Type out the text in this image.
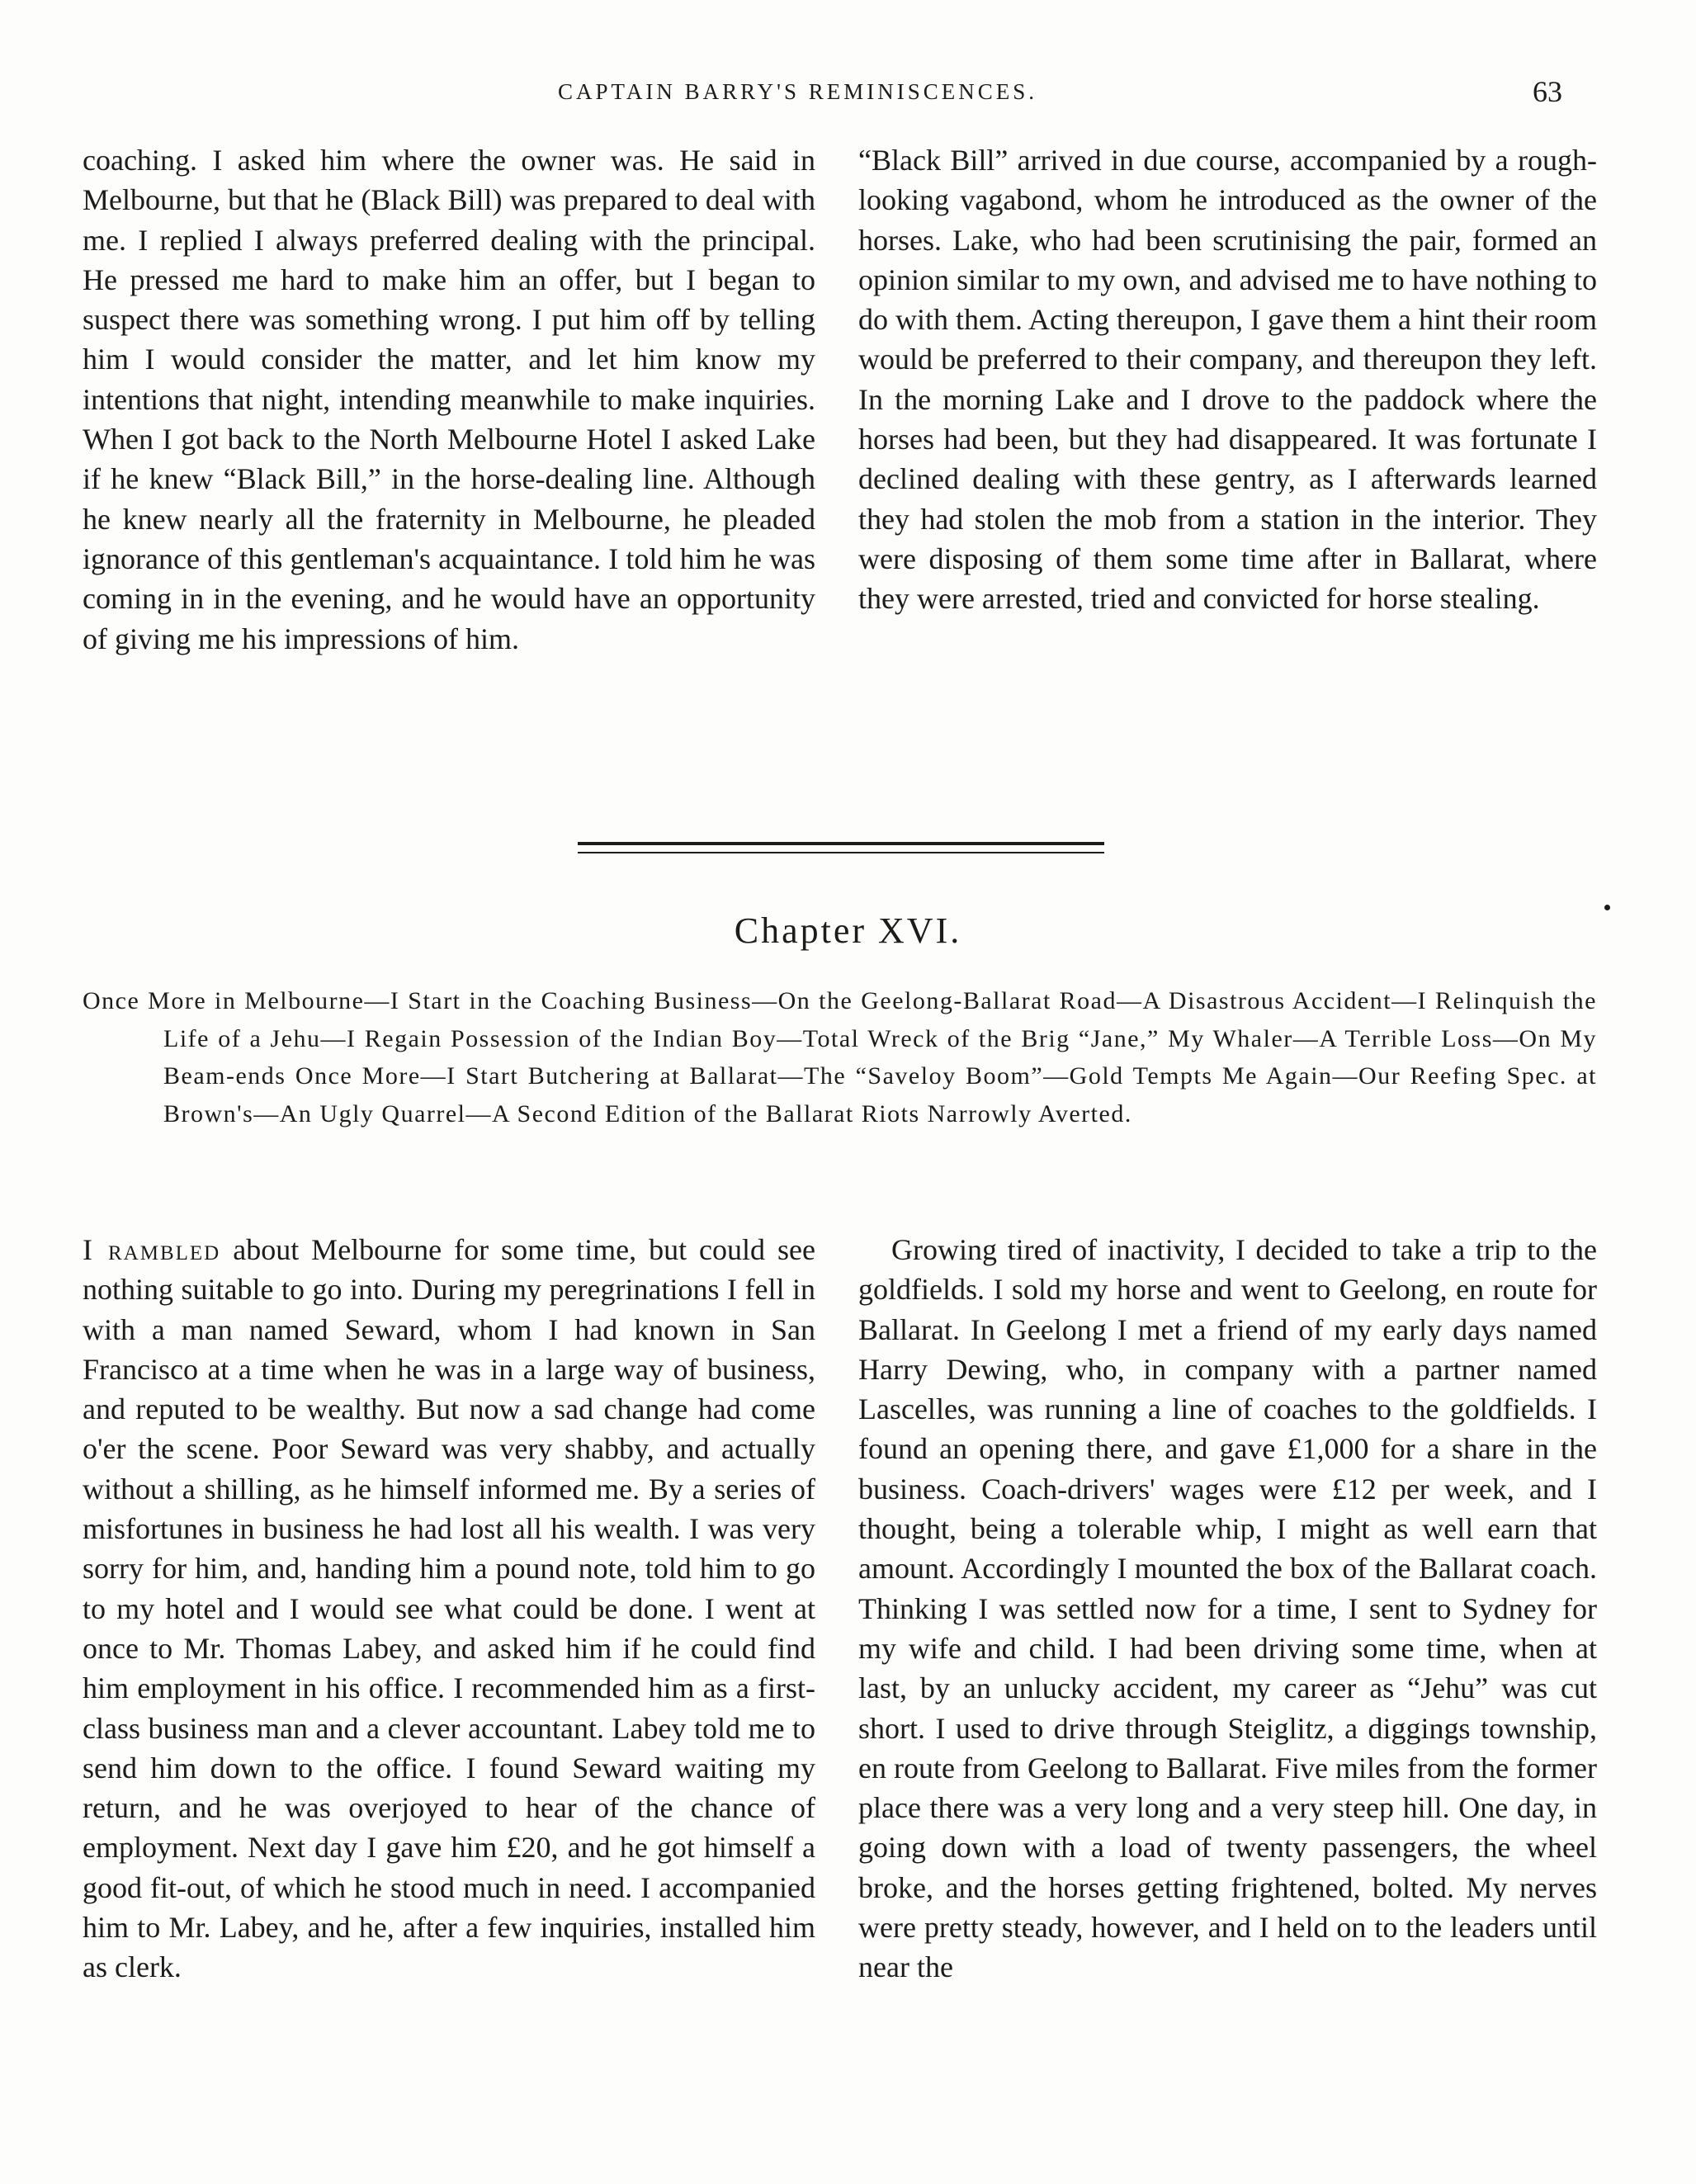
CAPTAIN BARRY'S REMINISCENCES.	63

coaching. I asked him where the owner was. He said in Melbourne, but that he (Black Bill) was prepared to deal with me. I replied I always preferred dealing with the principal. He pressed me hard to make him an offer, but I began to suspect there was something wrong. I put him off by telling him I would consider the matter, and let him know my intentions that night, intending meanwhile to make inquiries. When I got back to the North Melbourne Hotel I asked Lake if he knew “Black Bill,” in the horse-dealing line. Although he knew nearly all the fraternity in Melbourne, he pleaded ignorance of this gentleman's acquaintance. I told him he was coming in in the evening, and he would have an opportunity of giving me his impressions of him.

“Black Bill” arrived in due course, accompanied by a rough-looking vagabond, whom he introduced as the owner of the horses. Lake, who had been scrutinising the pair, formed an opinion similar to my own, and advised me to have nothing to do with them. Acting thereupon, I gave them a hint their room would be preferred to their company, and thereupon they left. In the morning Lake and I drove to the paddock where the horses had been, but they had disappeared. It was fortunate I declined dealing with these gentry, as I afterwards learned they had stolen the mob from a station in the interior. They were disposing of them some time after in Ballarat, where they were arrested, tried and convicted for horse stealing.

Chapter XVI.
Once More in Melbourne—I Start in the Coaching Business—On the Geelong-Ballarat Road—A Disastrous Accident—I Relinquish the Life of a Jehu—I Regain Possession of the Indian Boy—Total Wreck of the Brig “Jane,” My Whaler—A Terrible Loss—On My Beam-ends Once More—I Start Butchering at Ballarat—The “Saveloy Boom”—Gold Tempts Me Again—Our Reefing Spec. at Brown's—An Ugly Quarrel—A Second Edition of the Ballarat Riots Narrowly Averted.

I rambled about Melbourne for some time, but could see nothing suitable to go into. During my peregrinations I fell in with a man named Seward, whom I had known in San Francisco at a time when he was in a large way of business, and reputed to be wealthy. But now a sad change had come o'er the scene. Poor Seward was very shabby, and actually without a shilling, as he himself informed me. By a series of misfortunes in business he had lost all his wealth. I was very sorry for him, and, handing him a pound note, told him to go to my hotel and I would see what could be done. I went at once to Mr. Thomas Labey, and asked him if he could find him employment in his office. I recommended him as a first-class business man and a clever accountant. Labey told me to send him down to the office. I found Seward waiting my return, and he was overjoyed to hear of the chance of employment. Next day I gave him £20, and he got himself a good fit-out, of which he stood much in need. I accompanied him to Mr. Labey, and he, after a few inquiries, installed him as clerk.

Growing tired of inactivity, I decided to take a trip to the goldfields. I sold my horse and went to Geelong, en route for Ballarat. In Geelong I met a friend of my early days named Harry Dewing, who, in company with a partner named Lascelles, was running a line of coaches to the goldfields. I found an opening there, and gave £1,000 for a share in the business. Coach-drivers' wages were £12 per week, and I thought, being a tolerable whip, I might as well earn that amount. Accordingly I mounted the box of the Ballarat coach. Thinking I was settled now for a time, I sent to Sydney for my wife and child. I had been driving some time, when at last, by an unlucky accident, my career as “Jehu” was cut short. I used to drive through Steiglitz, a diggings township, en route from Geelong to Ballarat. Five miles from the former place there was a very long and a very steep hill. One day, in going down with a load of twenty passengers, the wheel broke, and the horses getting frightened, bolted. My nerves were pretty steady, however, and I held on to the leaders until near the
